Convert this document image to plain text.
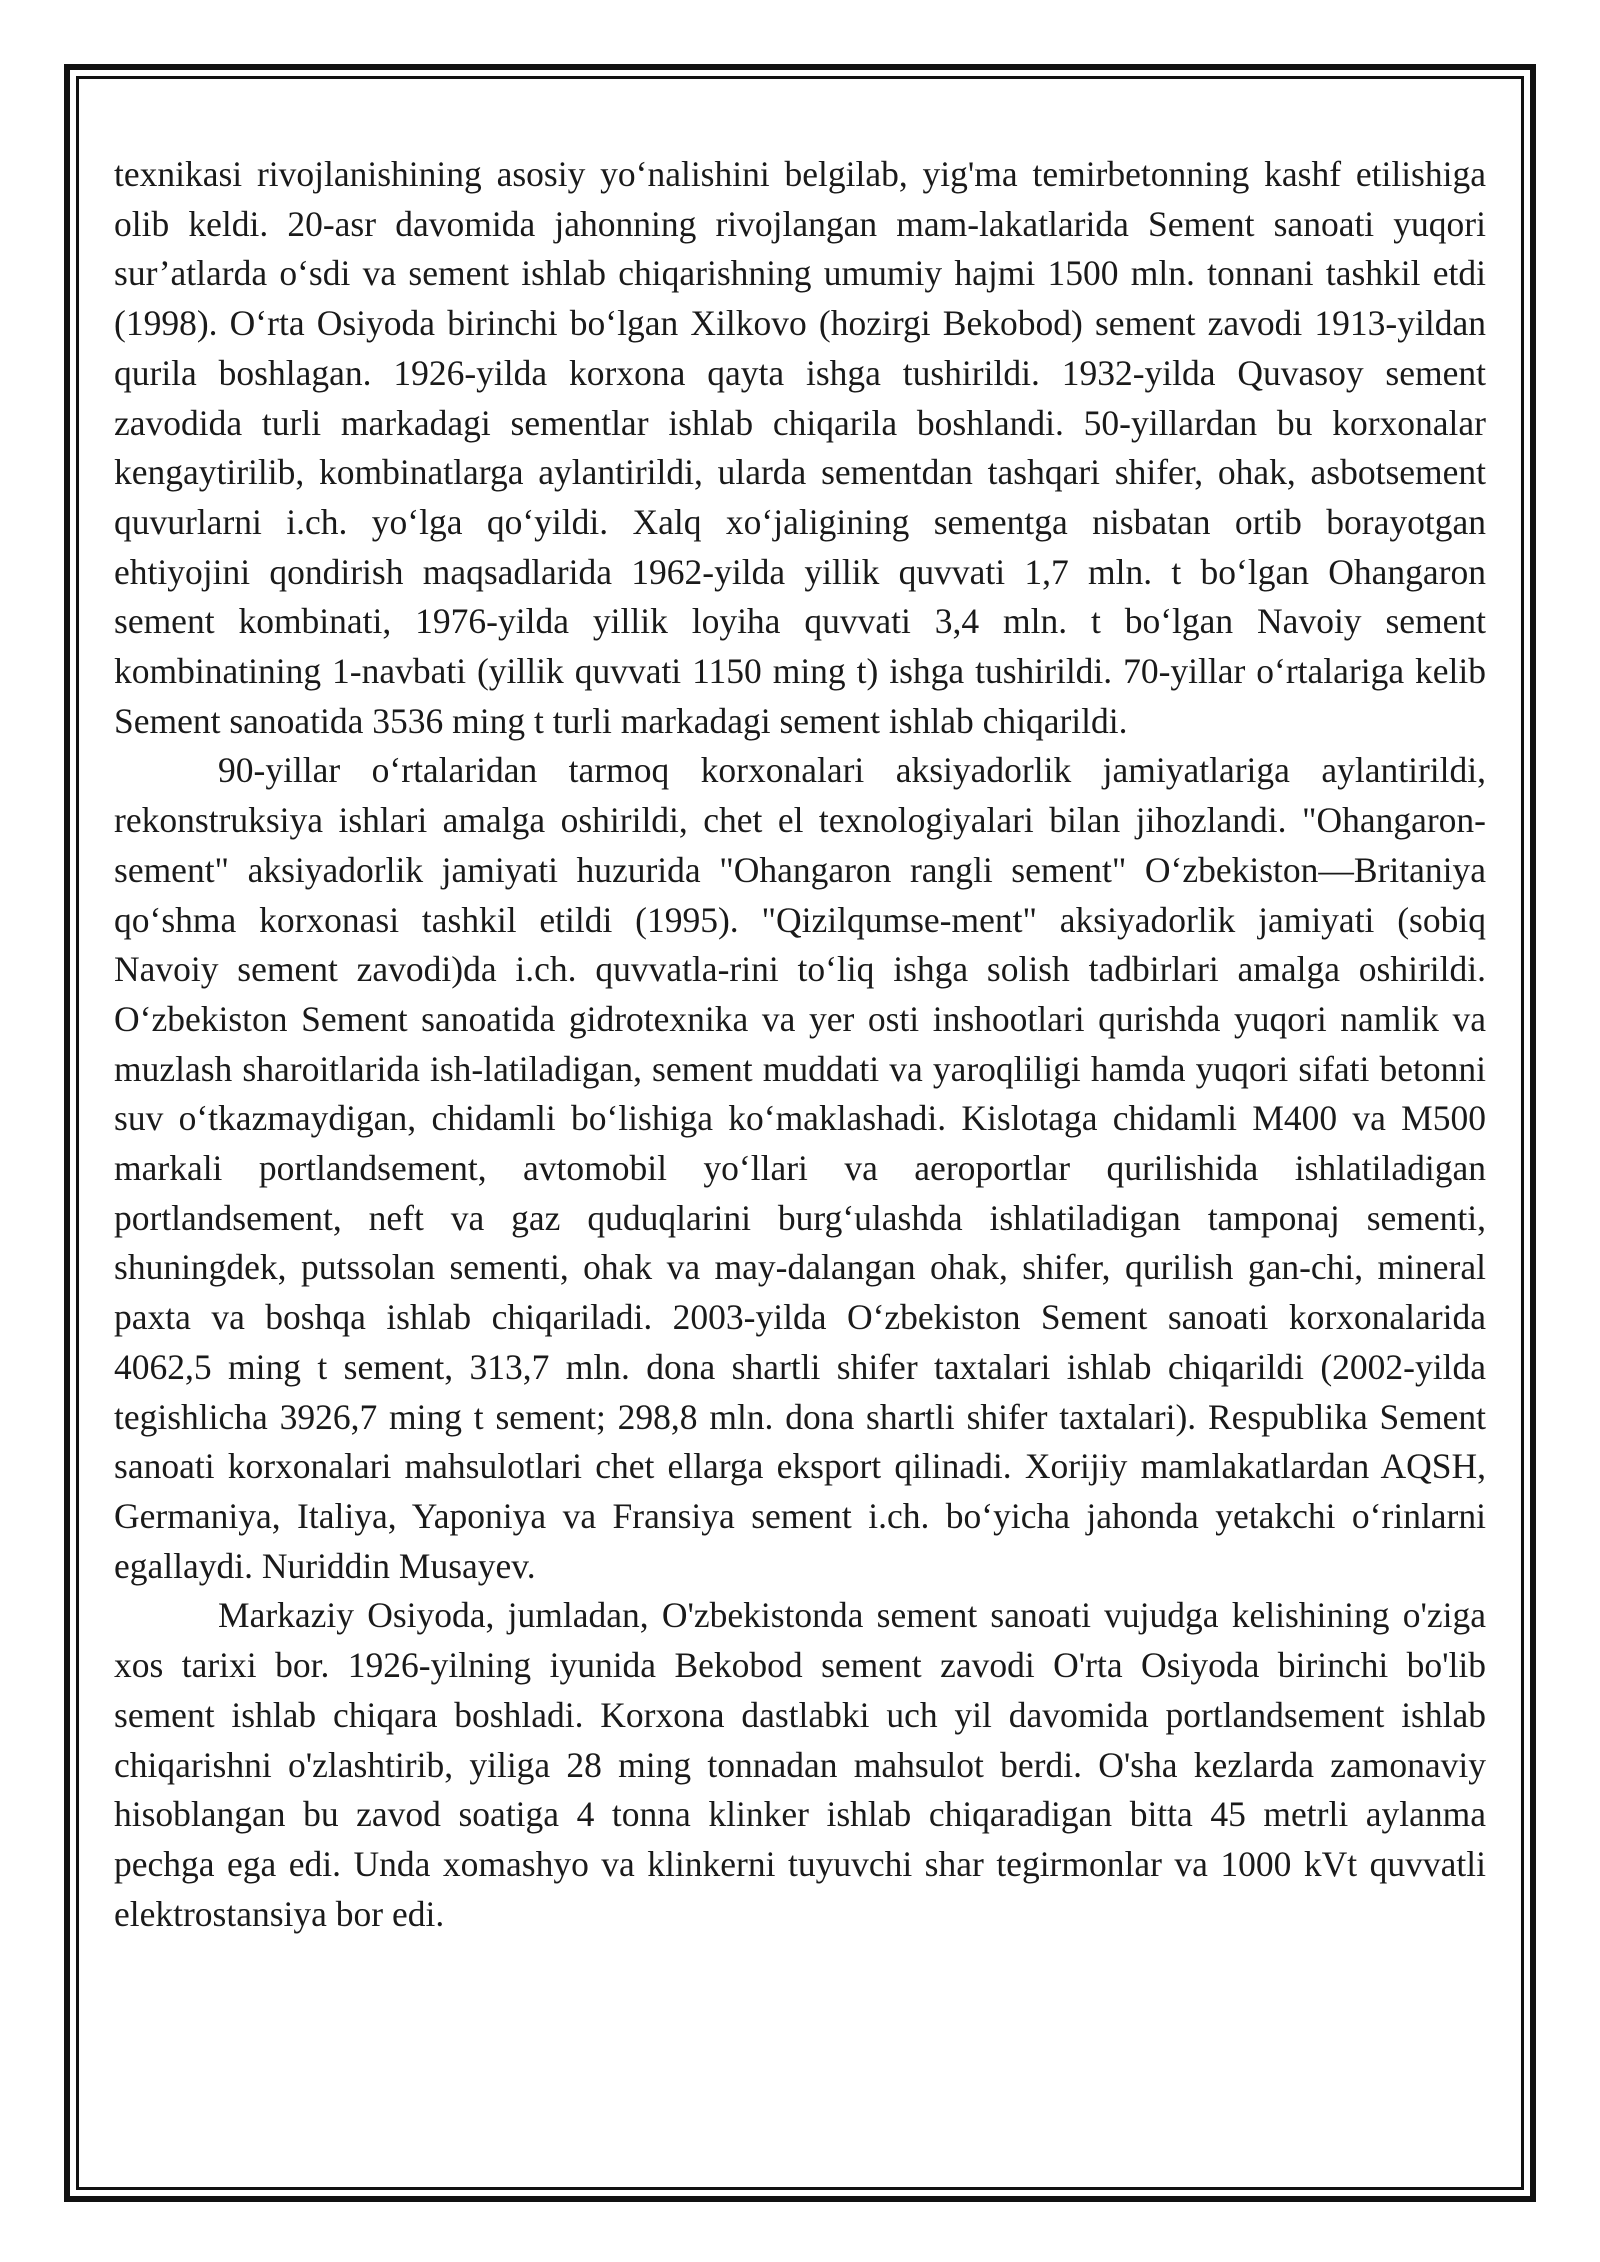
texnikasi rivojlanishining asosiy yo‘nalishini belgilab, yig'ma temirbetonning kashf etilishiga olib keldi. 20-asr davomida jahonning rivojlangan mam-lakatlarida Sement sanoati yuqori sur’atlarda o‘sdi va sement ishlab chiqarishning umumiy hajmi 1500 mln. tonnani tashkil etdi (1998). O‘rta Osiyoda birinchi bo‘lgan Xilkovo (hozirgi Bekobod) sement zavodi 1913-yildan qurila boshlagan. 1926-yilda korxona qayta ishga tushirildi. 1932-yilda Quvasoy sement zavodida turli markadagi sementlar ishlab chiqarila boshlandi. 50-yillardan bu korxonalar kengaytirilib, kombinatlarga aylantirildi, ularda sementdan tashqari shifer, ohak, asbotsement quvurlarni i.ch. yo‘lga qo‘yildi. Xalq xo‘jaligining sementga nisbatan ortib borayotgan ehtiyojini qondirish maqsadlarida 1962-yilda yillik quvvati 1,7 mln. t bo‘lgan Ohangaron sement kombinati, 1976-yilda yillik loyiha quvvati 3,4 mln. t bo‘lgan Navoiy sement kombinatining 1-navbati (yillik quvvati 1150 ming t) ishga tushirildi. 70-yillar o‘rtalariga kelib Sement sanoatida 3536 ming t turli markadagi sement ishlab chiqarildi.

90-yillar o‘rtalaridan tarmoq korxonalari aksiyadorlik jamiyatlariga aylantirildi, rekonstruksiya ishlari amalga oshirildi, chet el texnologiyalari bilan jihozlandi. "Ohangaron-sement" aksiyadorlik jamiyati huzurida "Ohangaron rangli sement" O‘zbekiston—Britaniya qo‘shma korxonasi tashkil etildi (1995). "Qizilqumse-ment" aksiyadorlik jamiyati (sobiq Navoiy sement zavodi)da i.ch. quvvatla-rini to‘liq ishga solish tadbirlari amalga oshirildi. O‘zbekiston Sement sanoatida gidrotexnika va yer osti inshootlari qurishda yuqori namlik va muzlash sharoitlarida ish-latiladigan, sement muddati va yaroqliligi hamda yuqori sifati betonni suv o‘tkazmaydigan, chidamli bo‘lishiga ko‘maklashadi. Kislotaga chidamli M400 va M500 markali portlandsement, avtomobil yo‘llari va aeroportlar qurilishida ishlatiladigan portlandsement, neft va gaz quduqlarini burg‘ulashda ishlatiladigan tamponaj sementi, shuningdek, putssolan sementi, ohak va may-dalangan ohak, shifer, qurilish gan-chi, mineral paxta va boshqa ishlab chiqariladi. 2003-yilda O‘zbekiston Sement sanoati korxonalarida 4062,5 ming t sement, 313,7 mln. dona shartli shifer taxtalari ishlab chiqarildi (2002-yilda tegishlicha 3926,7 ming t sement; 298,8 mln. dona shartli shifer taxtalari). Respublika Sement sanoati korxonalari mahsulotlari chet ellarga eksport qilinadi. Xorijiy mamlakatlardan AQSH, Germaniya, Italiya, Yaponiya va Fransiya sement i.ch. bo‘yicha jahonda yetakchi o‘rinlarni egallaydi. Nuriddin Musayev.

Markaziy Osiyoda, jumladan, O'zbekistonda sement sanoati vujudga kelishining o'ziga xos tarixi bor. 1926-yilning iyunida Bekobod sement zavodi O'rta Osiyoda birinchi bo'lib sement ishlab chiqara boshladi. Korxona dastlabki uch yil davomida portlandsement ishlab chiqarishni o'zlashtirib, yiliga 28 ming tonnadan mahsulot berdi. O'sha kezlarda zamonaviy hisoblangan bu zavod soatiga 4 tonna klinker ishlab chiqaradigan bitta 45 metrli aylanma pechga ega edi. Unda xomashyo va klinkerni tuyuvchi shar tegirmonlar va 1000 kVt quvvatli elektrostansiya bor edi.
